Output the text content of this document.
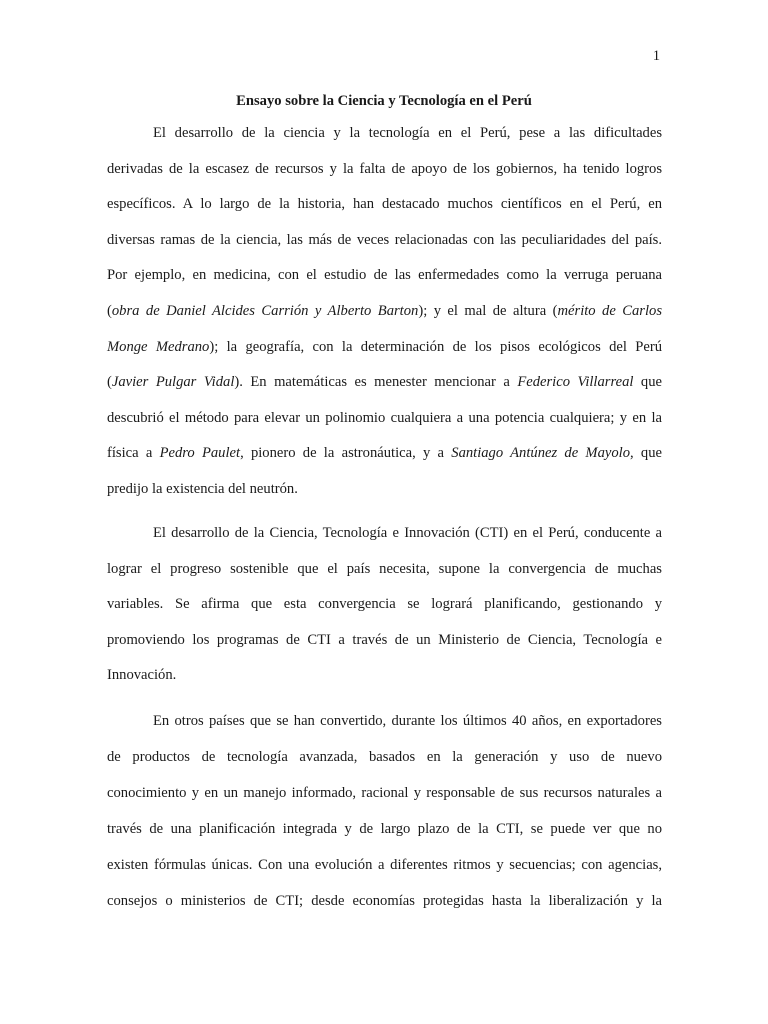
1
Ensayo sobre la Ciencia y Tecnología en el Perú
El desarrollo de la ciencia y la tecnología en el Perú, pese a las dificultades
derivadas de la escasez de recursos y la falta de apoyo de los gobiernos, ha tenido logros
específicos. A lo largo de la historia, han destacado muchos científicos en el Perú, en
diversas ramas de la ciencia, las más de veces relacionadas con las peculiaridades del país.
Por ejemplo, en medicina, con el estudio de las enfermedades como la verruga peruana
(obra de Daniel Alcides Carrión y Alberto Barton); y el mal de altura (mérito de Carlos
Monge Medrano); la geografía, con la determinación de los pisos ecológicos del Perú
(Javier Pulgar Vidal). En matemáticas es menester mencionar a Federico Villarreal que
descubrió el método para elevar un polinomio cualquiera a una potencia cualquiera; y en la
física a Pedro Paulet, pionero de la astronáutica, y a Santiago Antúnez de Mayolo, que
predijo la existencia del neutrón.
El desarrollo de la Ciencia, Tecnología e Innovación (CTI) en el Perú, conducente a
lograr el progreso sostenible que el país necesita, supone la convergencia de muchas
variables. Se afirma que esta convergencia se logrará planificando, gestionando y
promoviendo los programas de CTI a través de un Ministerio de Ciencia, Tecnología e
Innovación.
En otros países que se han convertido, durante los últimos 40 años, en exportadores
de productos de tecnología avanzada, basados en la generación y uso de nuevo
conocimiento y en un manejo informado, racional y responsable de sus recursos naturales a
través de una planificación integrada y de largo plazo de la CTI, se puede ver que no
existen fórmulas únicas. Con una evolución a diferentes ritmos y secuencias; con agencias,
consejos o ministerios de CTI; desde economías protegidas hasta la liberalización y la
